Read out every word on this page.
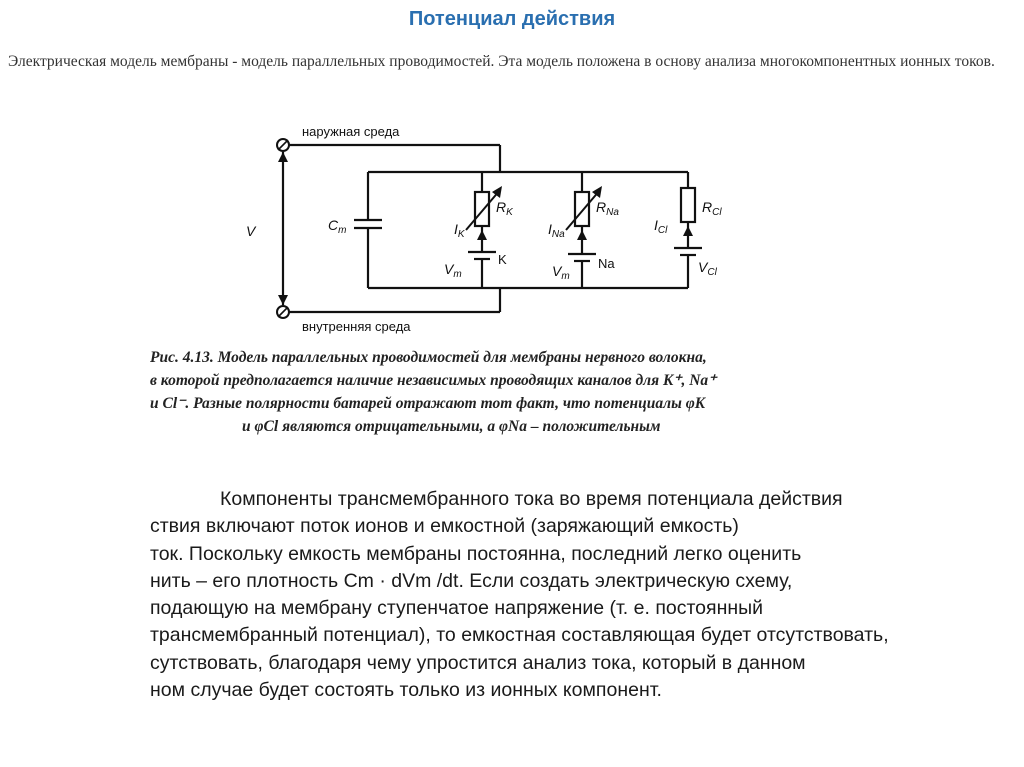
Потенциал действия
Электрическая модель мембраны - модель параллельных проводимостей. Эта модель положена в основу анализа многокомпонентных ионных токов.
наружная среда
внутренняя среда
V	$C_m$
$R_K$
$I_K$
K
$V_m$
$R_{Na}$
$I_{Na}$
Na
$V_m$
$R_{Cl}$
$I_{Cl}$
$V_{Cl}$
Рис. 4.13. Модель параллельных проводимостей для мембраны нервного волокна,
в которой предполагается наличие независимых проводящих каналов для K⁺, Na⁺
и Cl⁻. Разные полярности батарей отражают тот факт, что потенциалы φK
и φCl являются отрицательными, а φNa – положительным
Компоненты трансмембранного тока во время потенциала действия
ствия включают поток ионов и емкостной (заряжающий емкость)
ток. Поскольку емкость мембраны постоянна, последний легко оценить
нить – его плотность Cm · dVm /dt. Если создать электрическую схему,
подающую на мембрану ступенчатое напряжение (т. е. постоянный
трансмембранный потенциал), то емкостная составляющая будет отсутствовать,
сутствовать, благодаря чему упростится анализ тока, который в данном
ном случае будет состоять только из ионных компонент.
